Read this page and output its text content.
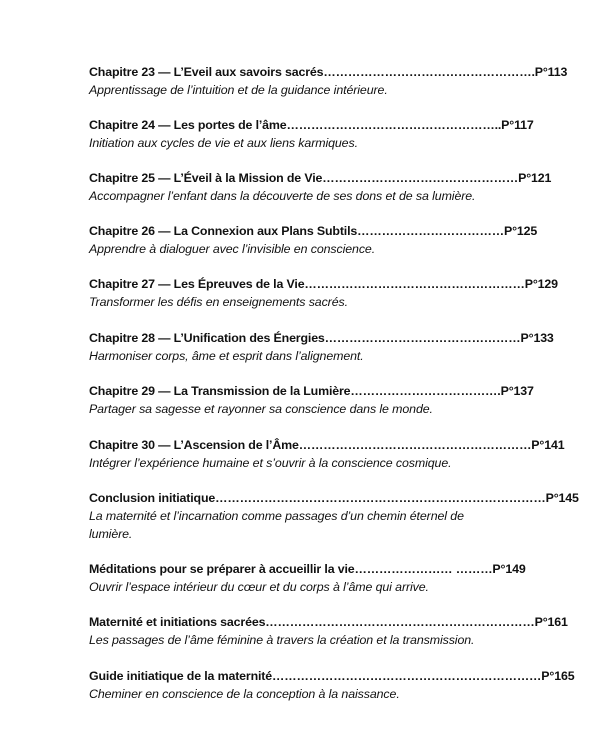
Chapitre 23 — L’Eveil aux savoirs sacrés…………………………………………….P°113
Apprentissage de l’intuition et de la guidance intérieure.
Chapitre 24 — Les portes de l’âme……………………………………………..P°117
Initiation aux cycles de vie et aux liens karmiques.
Chapitre 25 — L’Éveil à la Mission de Vie…………………………………………P°121
Accompagner l’enfant dans la découverte de ses dons et de sa lumière.
Chapitre 26 — La Connexion aux Plans Subtils………………………………P°125
Apprendre à dialoguer avec l’invisible en conscience.
Chapitre 27 — Les Épreuves de la Vie………………………………………………P°129
Transformer les défis en enseignements sacrés.
Chapitre 28 — L’Unification des Énergies…………………………………………P°133
Harmoniser corps, âme et esprit dans l’alignement.
Chapitre 29 — La Transmission de la Lumière……………………………….P°137
Partager sa sagesse et rayonner sa conscience dans le monde.
Chapitre 30 — L’Ascension de l’Âme…………………………………………………P°141
Intégrer l’expérience humaine et s’ouvrir à la conscience cosmique.
Conclusion initiatique………………………………………………………………………P°145
La maternité et l’incarnation comme passages d’un chemin éternel de lumière.
Méditations pour se préparer à accueillir la vie…………………… ………P°149
Ouvrir l’espace intérieur du cœur et du corps à l’âme qui arrive.
Maternité et initiations sacrées…………………………………………………………P°161
Les passages de l’âme féminine à travers la création et la transmission.
Guide initiatique de la maternité…………………………………………………………P°165
Cheminer en conscience de la conception à la naissance.
